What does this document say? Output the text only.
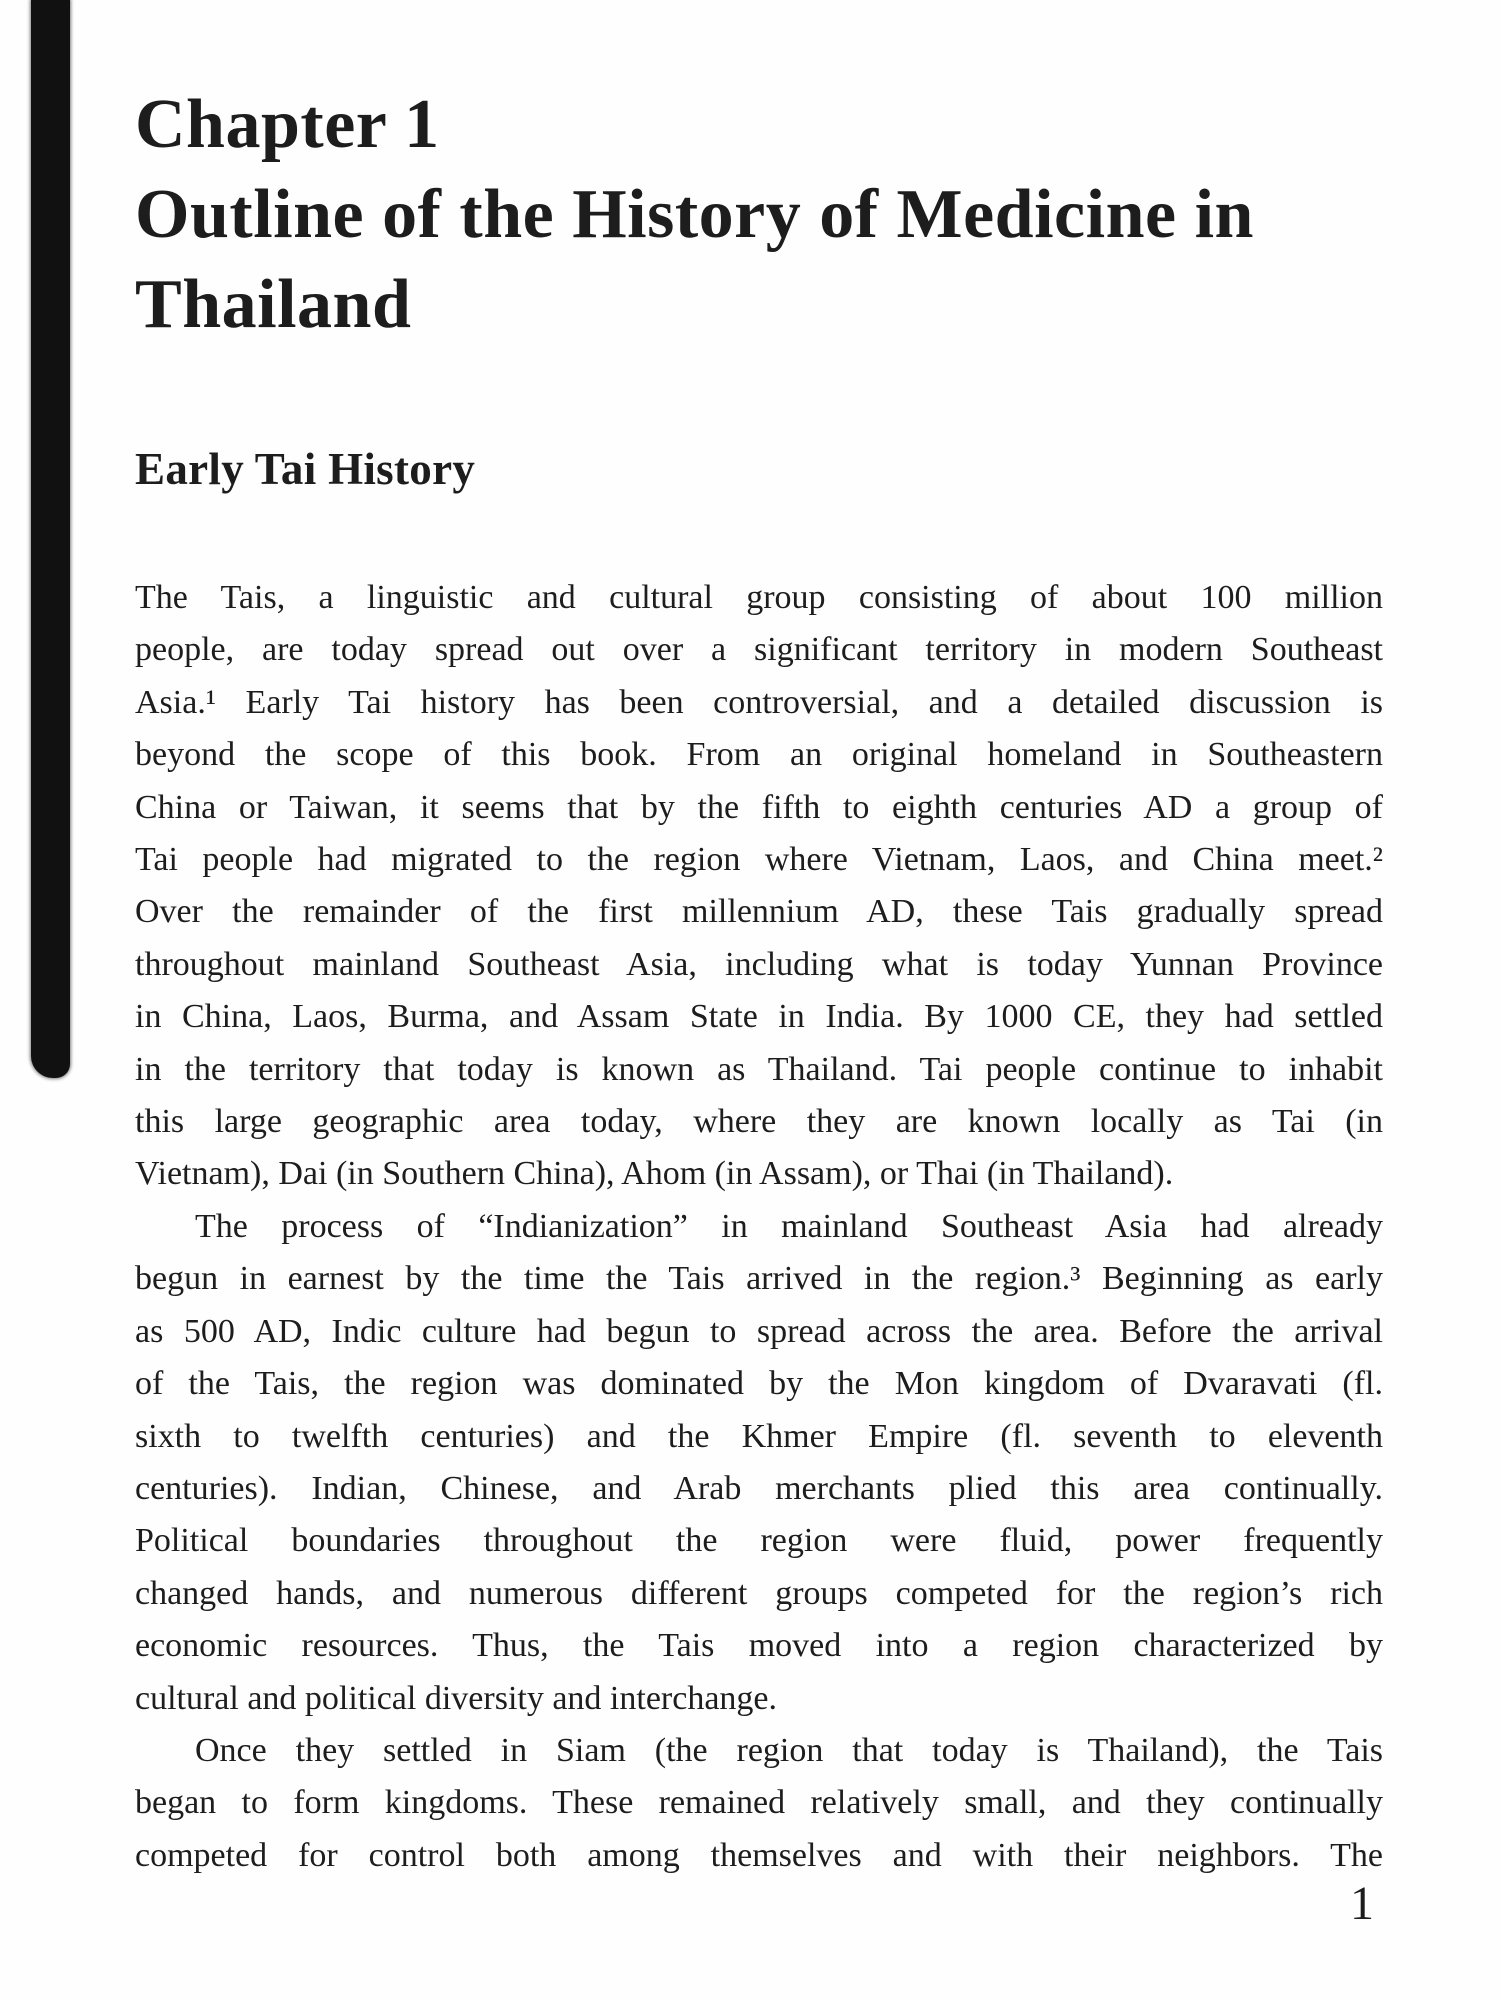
Chapter 1
Outline of the History of Medicine in
Thailand
Early Tai History
The Tais, a linguistic and cultural group consisting of about 100 million
people, are today spread out over a significant territory in modern Southeast
Asia.¹ Early Tai history has been controversial, and a detailed discussion is
beyond the scope of this book. From an original homeland in Southeastern
China or Taiwan, it seems that by the fifth to eighth centuries AD a group of
Tai people had migrated to the region where Vietnam, Laos, and China meet.²
Over the remainder of the first millennium AD, these Tais gradually spread
throughout mainland Southeast Asia, including what is today Yunnan Province
in China, Laos, Burma, and Assam State in India. By 1000 CE, they had settled
in the territory that today is known as Thailand. Tai people continue to inhabit
this large geographic area today, where they are known locally as Tai (in
Vietnam), Dai (in Southern China), Ahom (in Assam), or Thai (in Thailand).
The process of “Indianization” in mainland Southeast Asia had already
begun in earnest by the time the Tais arrived in the region.³ Beginning as early
as 500 AD, Indic culture had begun to spread across the area. Before the arrival
of the Tais, the region was dominated by the Mon kingdom of Dvaravati (fl.
sixth to twelfth centuries) and the Khmer Empire (fl. seventh to eleventh
centuries). Indian, Chinese, and Arab merchants plied this area continually.
Political boundaries throughout the region were fluid, power frequently
changed hands, and numerous different groups competed for the region’s rich
economic resources. Thus, the Tais moved into a region characterized by
cultural and political diversity and interchange.
Once they settled in Siam (the region that today is Thailand), the Tais
began to form kingdoms. These remained relatively small, and they continually
competed for control both among themselves and with their neighbors. The
1
